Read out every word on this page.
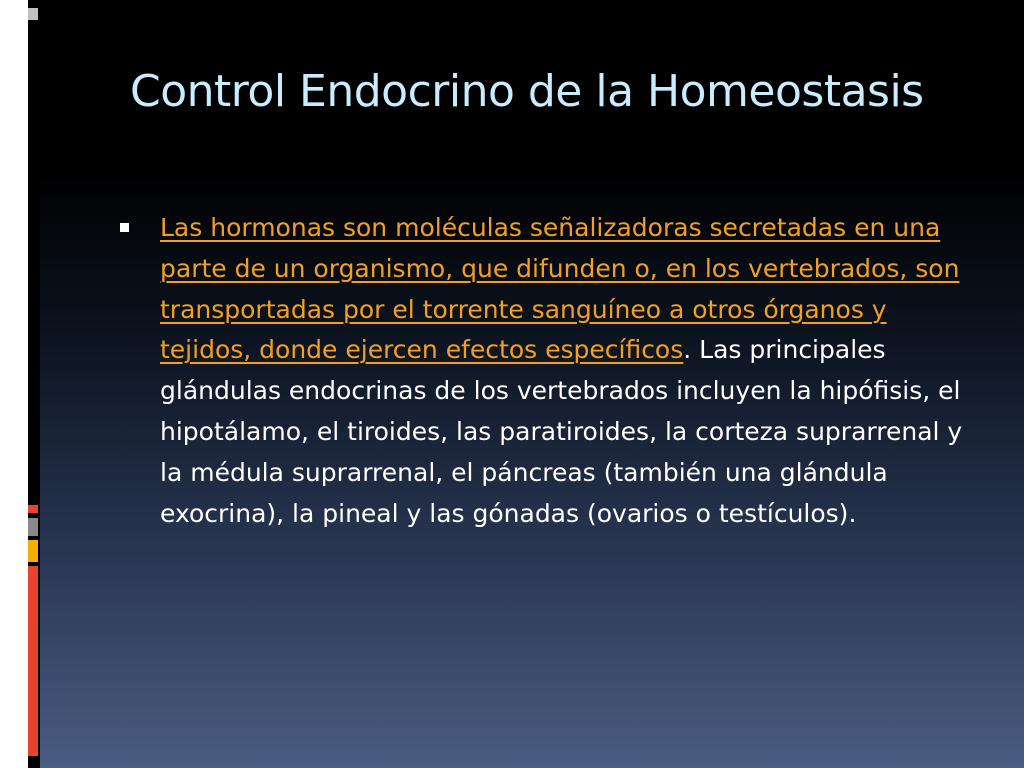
Control Endocrino de la Homeostasis
Las hormonas son moléculas señalizadoras secretadas en una parte de un organismo, que difunden o, en los vertebrados, son transportadas por el torrente sanguíneo a otros órganos y tejidos, donde ejercen efectos específicos. Las principales glándulas endocrinas de los vertebrados incluyen la hipófisis, el hipotálamo, el tiroides, las paratiroides, la corteza suprarrenal y la médula suprarrenal, el páncreas (también una glándula exocrina), la pineal y las gónadas (ovarios o testículos).
